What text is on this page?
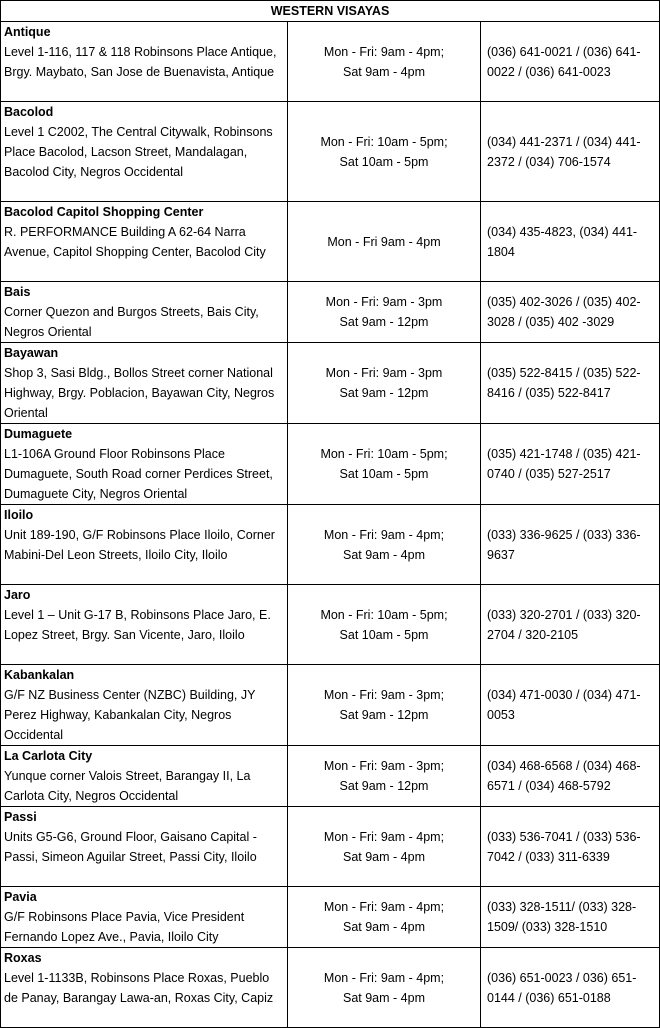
WESTERN VISAYAS		

Antique
Level 1-116, 117 & 118 Robinsons Place Antique, Brgy. Maybato, San Jose de Buenavista, Antique	Mon - Fri: 9am - 4pm;
Sat 9am - 4pm	(036) 641-0021 / (036) 641-0022 / (036) 641-0023

Bacolod
Level 1 C2002, The Central Citywalk, Robinsons Place Bacolod, Lacson Street, Mandalagan, Bacolod City, Negros Occidental	Mon - Fri: 10am - 5pm;
Sat 10am - 5pm	(034) 441-2371 / (034) 441-2372 / (034) 706-1574

Bacolod Capitol Shopping Center
R. PERFORMANCE Building A 62-64 Narra Avenue, Capitol Shopping Center, Bacolod City	Mon - Fri 9am - 4pm	(034) 435-4823, (034) 441-1804

Bais
Corner Quezon and Burgos Streets, Bais City, Negros Oriental	Mon - Fri: 9am - 3pm
Sat 9am - 12pm	(035) 402-3026 / (035) 402-3028 / (035) 402 -3029

Bayawan
Shop 3, Sasi Bldg., Bollos Street corner National Highway, Brgy. Poblacion, Bayawan City, Negros Oriental	Mon - Fri: 9am - 3pm
Sat 9am - 12pm	(035) 522-8415 / (035) 522-8416 / (035) 522-8417

Dumaguete
L1-106A Ground Floor Robinsons Place Dumaguete, South Road corner Perdices Street, Dumaguete City, Negros Oriental	Mon - Fri: 10am - 5pm;
Sat 10am - 5pm	(035) 421-1748 / (035) 421-0740 / (035) 527-2517

Iloilo
Unit 189-190, G/F Robinsons Place Iloilo, Corner Mabini-Del Leon Streets, Iloilo City, Iloilo	Mon - Fri: 9am - 4pm;
Sat 9am - 4pm	(033) 336-9625 / (033) 336-9637

Jaro
Level 1 – Unit G-17 B, Robinsons Place Jaro, E. Lopez Street, Brgy. San Vicente, Jaro, Iloilo	Mon - Fri: 10am - 5pm;
Sat 10am - 5pm	(033) 320-2701 / (033) 320-2704 / 320-2105

Kabankalan
G/F NZ Business Center (NZBC) Building, JY Perez Highway, Kabankalan City, Negros Occidental	Mon - Fri: 9am - 3pm;
Sat 9am - 12pm	(034) 471-0030 / (034) 471-0053

La Carlota City
Yunque corner Valois Street, Barangay II, La Carlota City, Negros Occidental	Mon - Fri: 9am - 3pm;
Sat 9am - 12pm	(034) 468-6568 / (034) 468-6571 / (034) 468-5792

Passi
Units G5-G6, Ground Floor, Gaisano Capital - Passi, Simeon Aguilar Street, Passi City, Iloilo	Mon - Fri: 9am - 4pm;
Sat 9am - 4pm	(033) 536-7041 / (033) 536-7042 / (033) 311-6339

Pavia
G/F Robinsons Place Pavia, Vice President Fernando Lopez Ave., Pavia, Iloilo City	Mon - Fri: 9am - 4pm;
Sat 9am - 4pm	(033) 328-1511/ (033) 328-1509/ (033) 328-1510

Roxas
Level 1-1133B, Robinsons Place Roxas, Pueblo de Panay, Barangay Lawa-an, Roxas City, Capiz	Mon - Fri: 9am - 4pm;
Sat 9am - 4pm	(036) 651-0023 / 036) 651-0144 / (036) 651-0188
